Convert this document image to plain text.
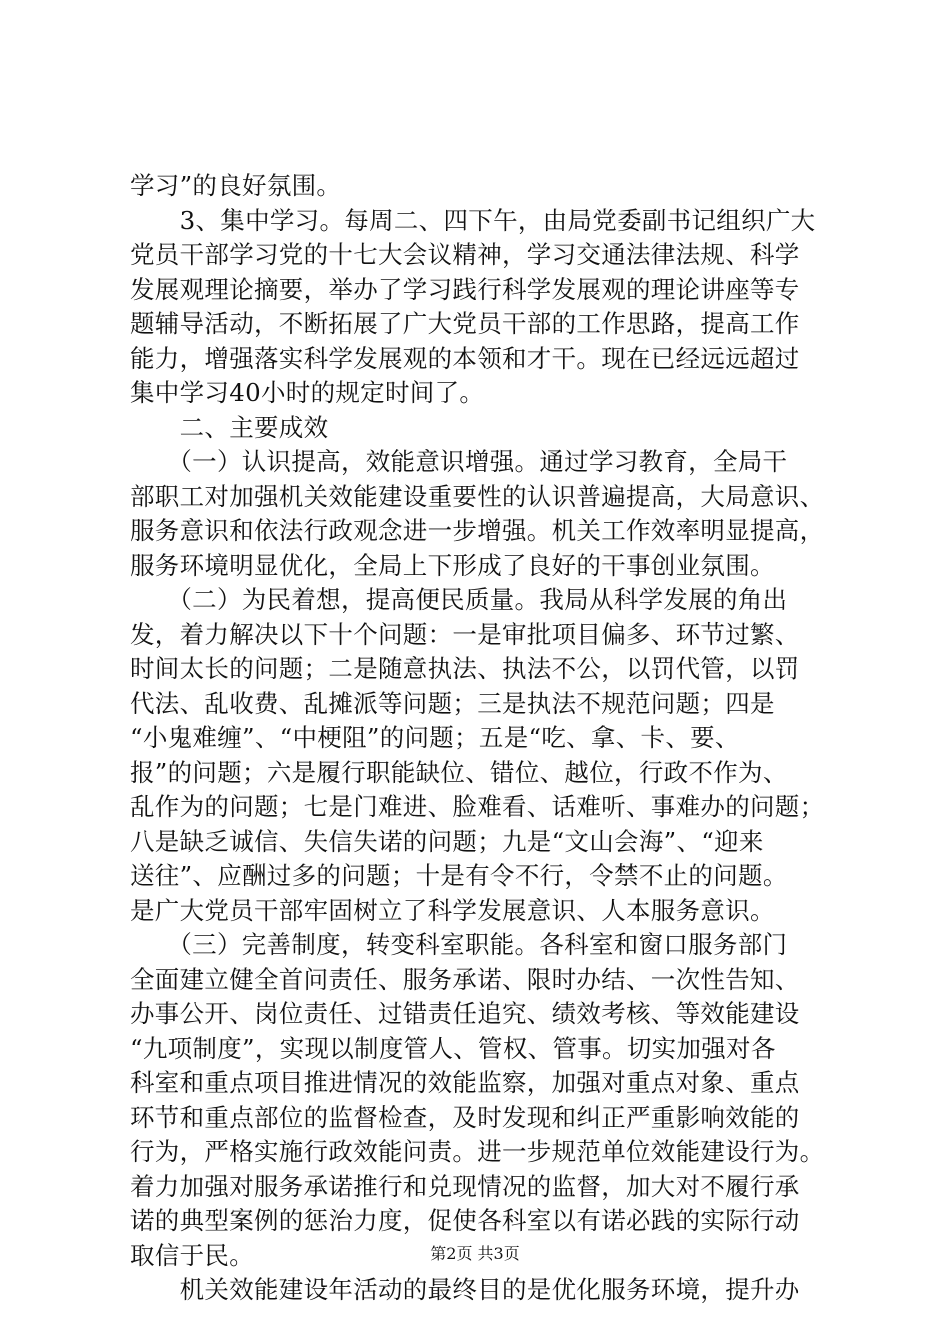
学习”的良好氛围。
　　3、集中学习。每周二、四下午，由局党委副书记组织广大
党员干部学习党的十七大会议精神，学习交通法律法规、科学
发展观理论摘要，举办了学习践行科学发展观的理论讲座等专
题辅导活动，不断拓展了广大党员干部的工作思路，提高工作
能力，增强落实科学发展观的本领和才干。现在已经远远超过
集中学习40小时的规定时间了。
　　二、主要成效
　　（一）认识提高，效能意识增强。通过学习教育，全局干
部职工对加强机关效能建设重要性的认识普遍提高，大局意识、
服务意识和依法行政观念进一步增强。机关工作效率明显提高，
服务环境明显优化，全局上下形成了良好的干事创业氛围。
　　（二）为民着想，提高便民质量。我局从科学发展的角出
发，着力解决以下十个问题：一是审批项目偏多、环节过繁、
时间太长的问题；二是随意执法、执法不公，以罚代管，以罚
代法、乱收费、乱摊派等问题；三是执法不规范问题；四是
“小鬼难缠”、“中梗阻”的问题；五是“吃、拿、卡、要、
报”的问题；六是履行职能缺位、错位、越位，行政不作为、
乱作为的问题；七是门难进、脸难看、话难听、事难办的问题；
八是缺乏诚信、失信失诺的问题；九是“文山会海”、“迎来
送往”、应酬过多的问题；十是有令不行，令禁不止的问题。
是广大党员干部牢固树立了科学发展意识、人本服务意识。
　　（三）完善制度，转变科室职能。各科室和窗口服务部门
全面建立健全首问责任、服务承诺、限时办结、一次性告知、
办事公开、岗位责任、过错责任追究、绩效考核、等效能建设
“九项制度”，实现以制度管人、管权、管事。切实加强对各
科室和重点项目推进情况的效能监察，加强对重点对象、重点
环节和重点部位的监督检查，及时发现和纠正严重影响效能的
行为，严格实施行政效能问责。进一步规范单位效能建设行为。
着力加强对服务承诺推行和兑现情况的监督，加大对不履行承
诺的典型案例的惩治力度，促使各科室以有诺必践的实际行动
取信于民。
　　机关效能建设年活动的最终目的是优化服务环境，提升办
第2页 共3页
